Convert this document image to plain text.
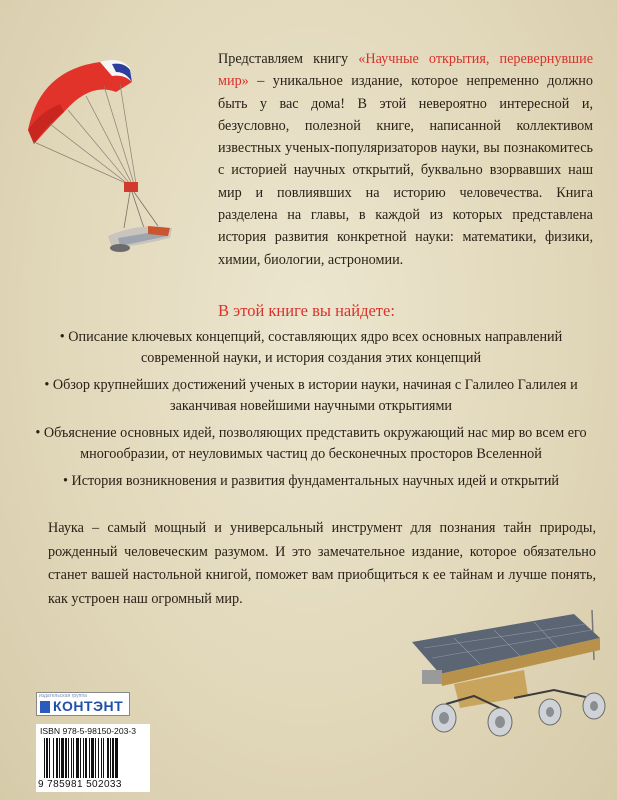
Представляем книгу «Научные открытия, перевернувшие мир» – уникальное издание, которое непременно должно быть у вас дома! В этой невероятно интересной и, безусловно, полезной книге, написанной коллективом известных ученых-популяризаторов науки, вы познакомитесь с историей научных открытий, буквально взорвавших наш мир и повлиявших на историю человечества. Книга разделена на главы, в каждой из которых представлена история развития конкретной науки: математики, физики, химии, биологии, астрономии.
В этой книге вы найдете:
• Описание ключевых концепций, составляющих ядро всех основных направлений современной науки, и история создания этих концепций
• Обзор крупнейших достижений ученых в истории науки, начиная с Галилео Галилея и заканчивая новейшими научными открытиями
• Объяснение основных идей, позволяющих представить окружающий нас мир во всем его многообразии, от неуловимых частиц до бесконечных просторов Вселенной
• История возникновения и развития фундаментальных научных идей и открытий
Наука – самый мощный и универсальный инструмент для познания тайн природы, рожденный человеческим разумом. И это замечательное издание, которое обязательно станет вашей настольной книгой, поможет вам приобщиться к ее тайнам и лучше понять, как устроен наш огромный мир.
издательская группа
КОНТЭНТ
ISBN 978-5-98150-203-3
9 785981 502033
